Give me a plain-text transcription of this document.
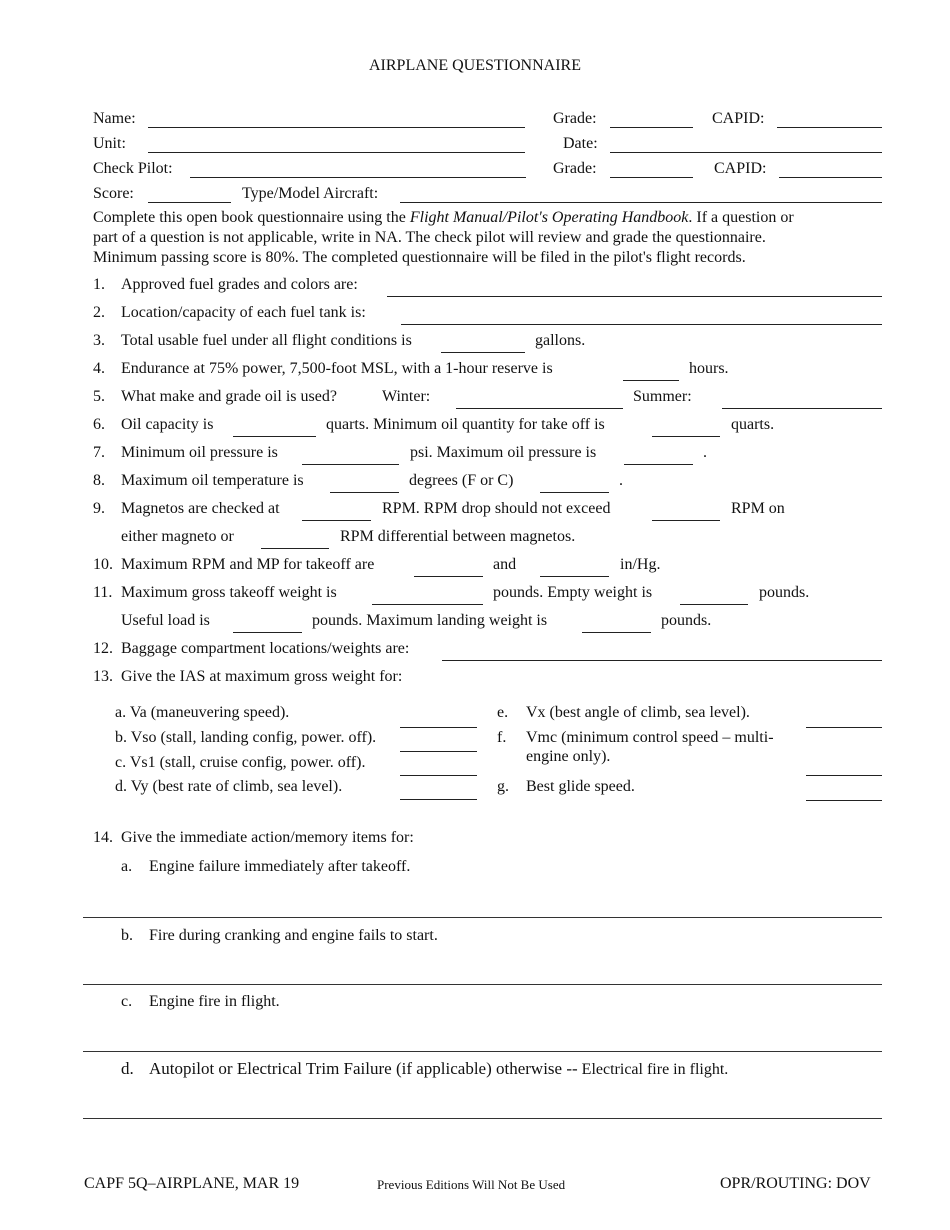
AIRPLANE QUESTIONNAIRE
Name:	Grade:	CAPID:
Unit:	Date:
Check Pilot:	Grade:	CAPID:
Score:	Type/Model Aircraft:
Complete this open book questionnaire using the Flight Manual/Pilot's Operating Handbook. If a question or
part of a question is not applicable, write in NA. The check pilot will review and grade the questionnaire.
Minimum passing score is 80%. The completed questionnaire will be filed in the pilot's flight records.
1. Approved fuel grades and colors are:
2. Location/capacity of each fuel tank is:
3. Total usable fuel under all flight conditions is	gallons.
4. Endurance at 75% power, 7,500-foot MSL, with a 1-hour reserve is	hours.
5. What make and grade oil is used?	Winter:	Summer:
6. Oil capacity is	quarts. Minimum oil quantity for take off is	quarts.
7. Minimum oil pressure is	psi. Maximum oil pressure is	.
8. Maximum oil temperature is	degrees (F or C)	.
9. Magnetos are checked at	RPM. RPM drop should not exceed	RPM on
either magneto or	RPM differential between magnetos.
10. Maximum RPM and MP for takeoff are	and	in/Hg.
11. Maximum gross takeoff weight is	pounds. Empty weight is	pounds.
Useful load is	pounds. Maximum landing weight is	pounds.
12. Baggage compartment locations/weights are:
13. Give the IAS at maximum gross weight for:
a. Va (maneuvering speed).
b. Vso (stall, landing config, power. off).
c. Vs1 (stall, cruise config, power. off).
d. Vy (best rate of climb, sea level).
e. Vx (best angle of climb, sea level).
f. Vmc (minimum control speed – multi-
engine only).
g. Best glide speed.
14. Give the immediate action/memory items for:
a. Engine failure immediately after takeoff.
b. Fire during cranking and engine fails to start.
c. Engine fire in flight.
d. Autopilot or Electrical Trim Failure (if applicable) otherwise -- Electrical fire in flight.
CAPF 5Q–AIRPLANE, MAR 19	Previous Editions Will Not Be Used	OPR/ROUTING: DOV
